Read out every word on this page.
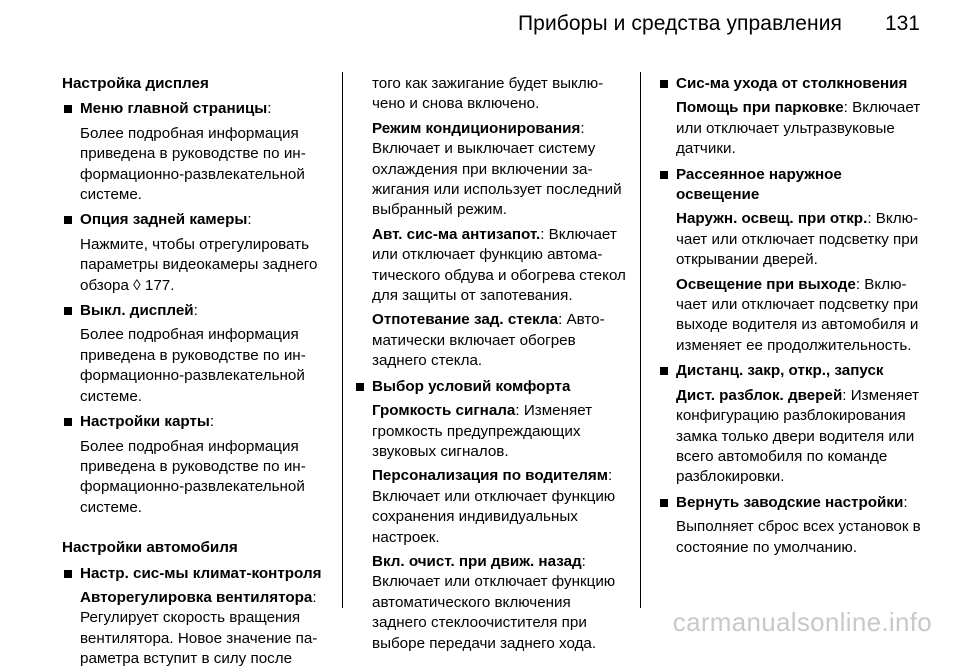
Приборы и средства управления 131
Настройка дисплея
Меню главной страницы:
Более подробная информация приведена в руководстве по информационно-развлекательной системе.
Опция задней камеры:
Нажмите, чтобы отрегулировать параметры видеокамеры заднего обзора ◊ 177.
Выкл. дисплей:
Более подробная информация приведена в руководстве по информационно-развлекательной системе.
Настройки карты:
Более подробная информация приведена в руководстве по информационно-развлекательной системе.
Настройки автомобиля
Настр. сис-мы климат-контроля
Авторегулировка вентилятора: Регулирует скорость вращения вентилятора. Новое значение параметра вступит в силу после
того как зажигание будет выключено и снова включено.
Режим кондиционирования: Включает и выключает систему охлаждения при включении зажигания или использует последний выбранный режим.
Авт. сис-ма антизапот.: Включает или отключает функцию автоматического обдува и обогрева стекол для защиты от запотевания.
Отпотевание зад. стекла: Автоматически включает обогрев заднего стекла.
Выбор условий комфорта
Громкость сигнала: Изменяет громкость предупреждающих звуковых сигналов.
Персонализация по водителям: Включает или отключает функцию сохранения индивидуальных настроек.
Вкл. очист. при движ. назад: Включает или отключает функцию автоматического включения заднего стеклоочистителя при выборе передачи заднего хода.
Сис-ма ухода от столкновения
Помощь при парковке: Включает или отключает ультразвуковые датчики.
Рассеянное наружное освещение
Наружн. освещ. при откр.: Включает или отключает подсветку при открывании дверей.
Освещение при выходе: Включает или отключает подсветку при выходе водителя из автомобиля и изменяет ее продолжительность.
Дистанц. закр, откр., запуск
Дист. разблок. дверей: Изменяет конфигурацию разблокирования замка только двери водителя или всего автомобиля по команде разблокировки.
Вернуть заводские настройки:
Выполняет сброс всех установок в состояние по умолчанию.
carmanualsonline.info
